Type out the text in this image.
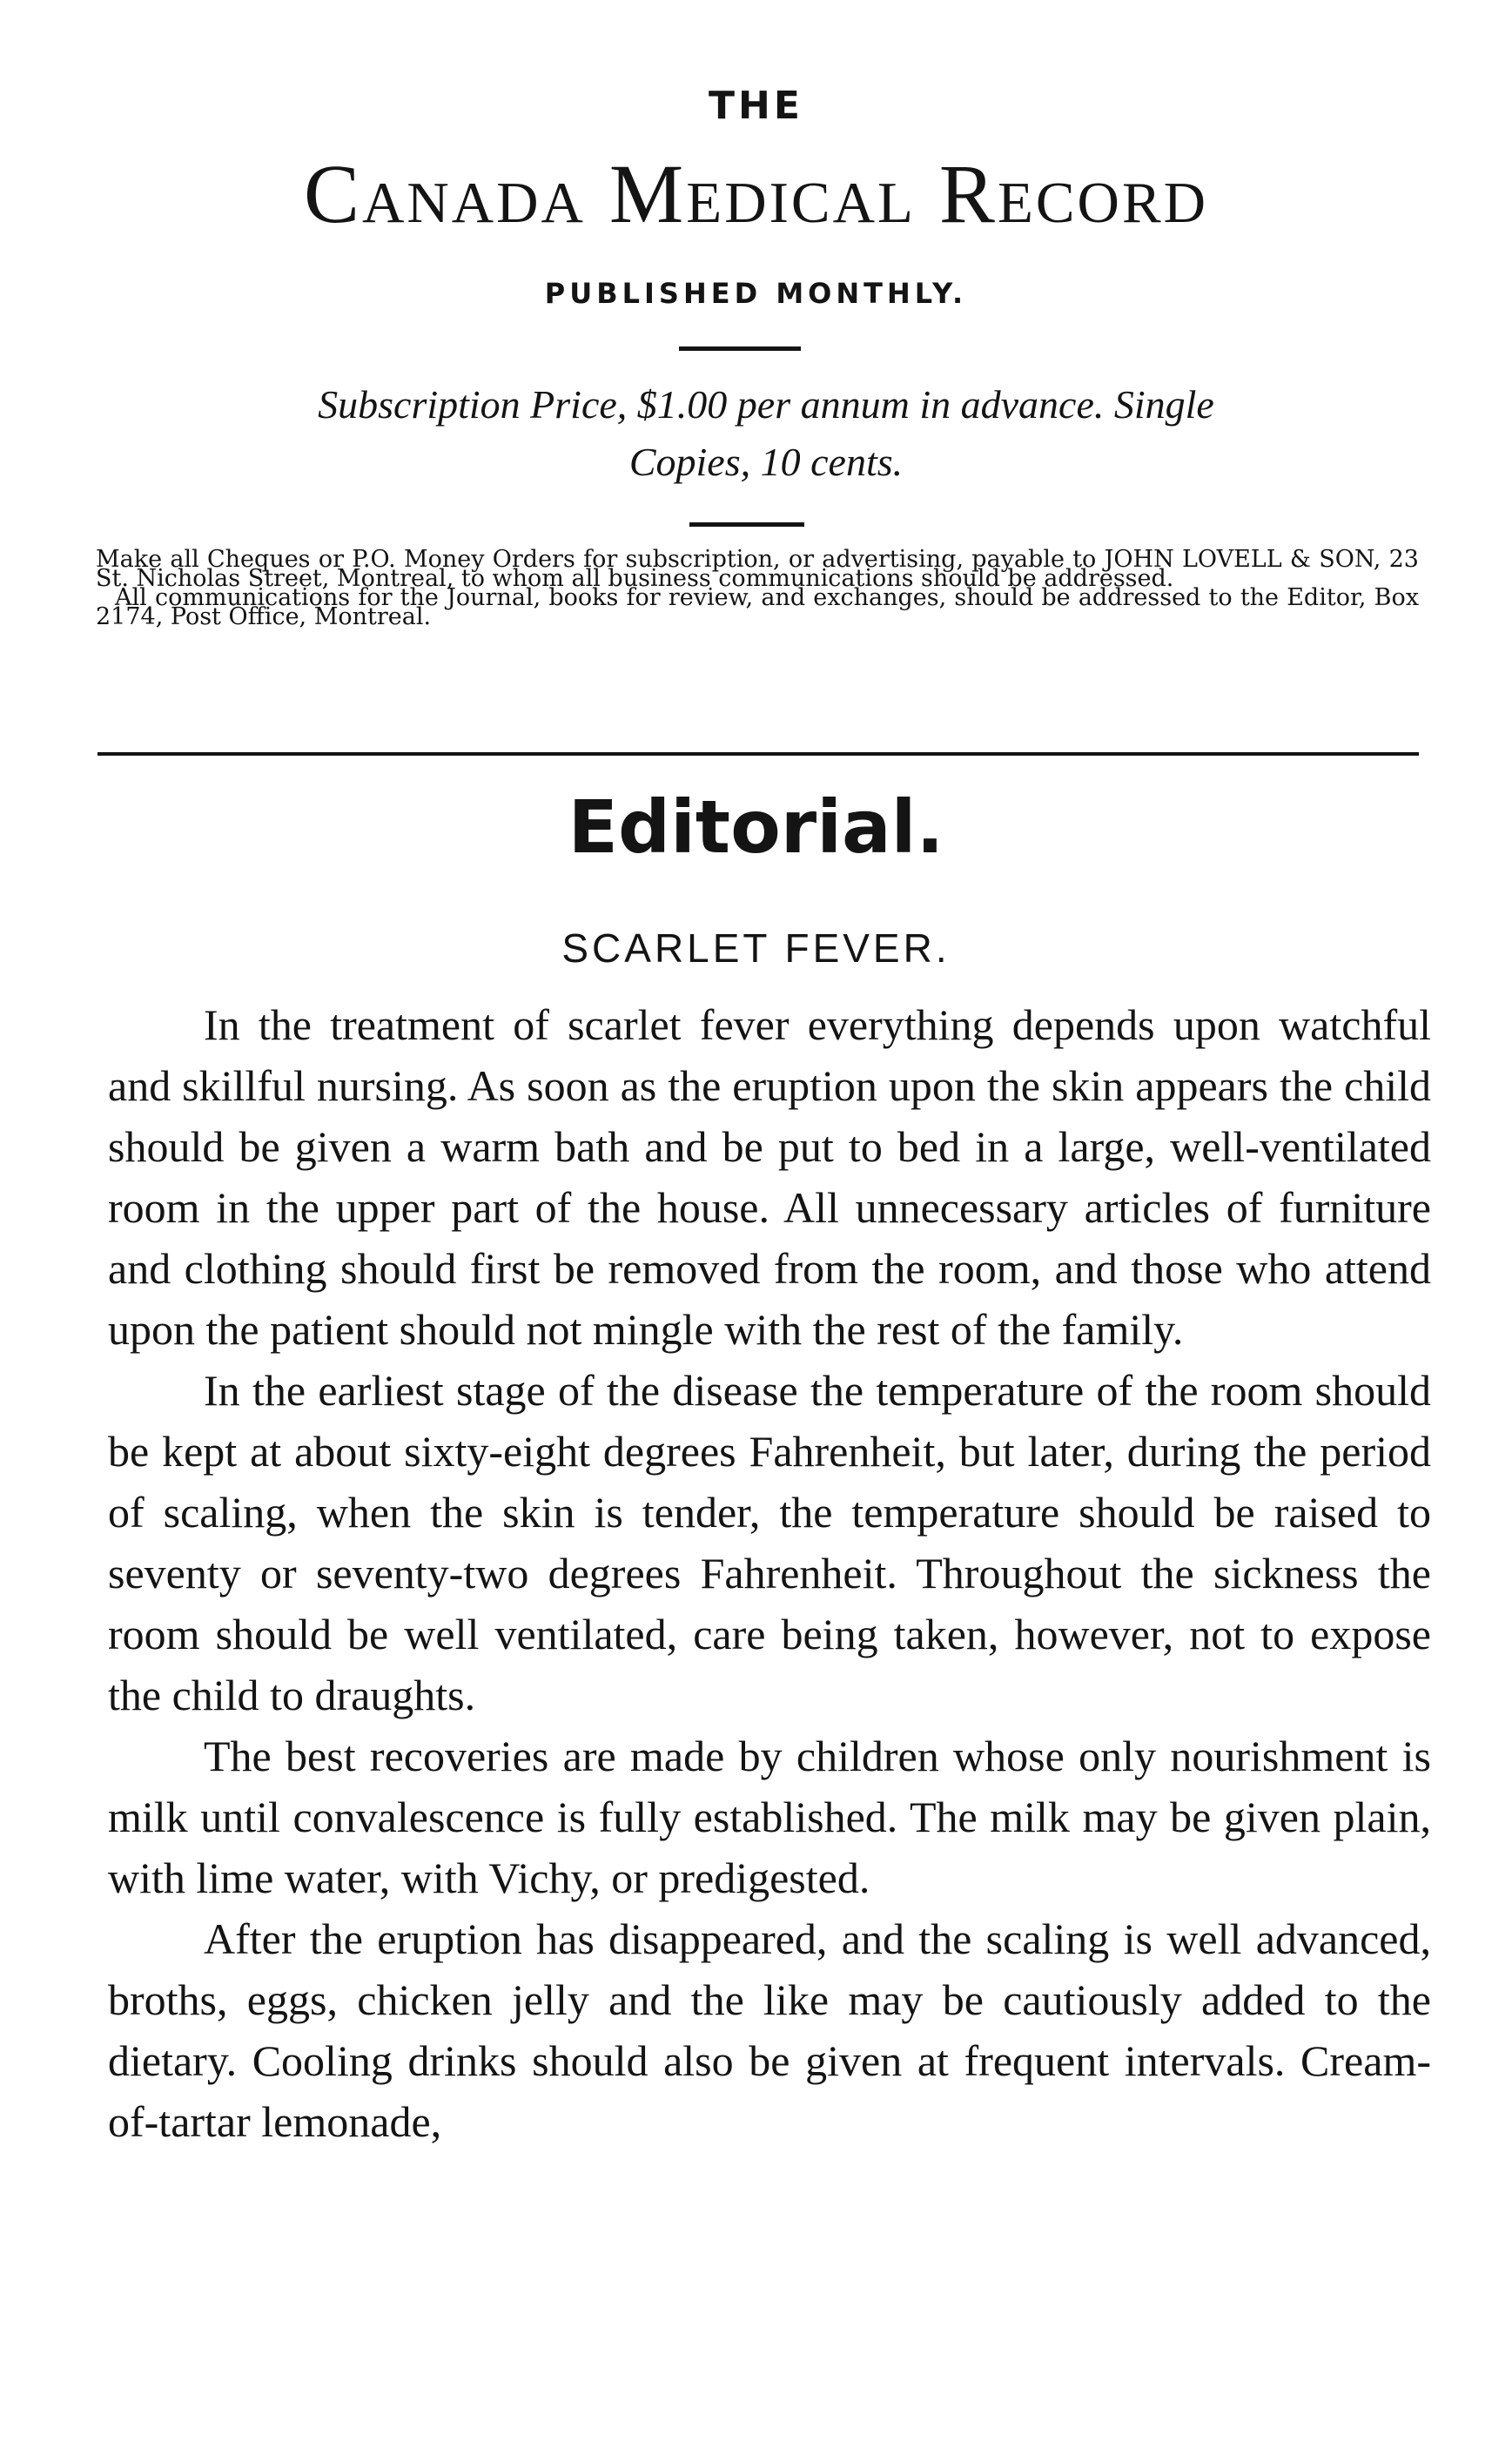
THE
Canada Medical Record
PUBLISHED MONTHLY.
Subscription Price, $1.00 per annum in advance. Single
Copies, 10 cents.

Make all Cheques or P.O. Money Orders for subscription, or advertising, payable to JOHN LOVELL & SON, 23 St. Nicholas Street, Montreal, to whom all business communications should be addressed.

All communications for the Journal, books for review, and exchanges, should be addressed to the Editor, Box 2174, Post Office, Montreal.

Editorial.
SCARLET FEVER.

In the treatment of scarlet fever everything depends upon watchful and skillful nursing. As soon as the eruption upon the skin appears the child should be given a warm bath and be put to bed in a large, well-ventilated room in the upper part of the house. All unnecessary articles of furniture and clothing should first be removed from the room, and those who attend upon the patient should not mingle with the rest of the family.

In the earliest stage of the disease the temperature of the room should be kept at about sixty-eight degrees Fahrenheit, but later, during the period of scaling, when the skin is tender, the temperature should be raised to seventy or seventy-two degrees Fahrenheit. Throughout the sickness the room should be well ventilated, care being taken, however, not to expose the child to draughts.

The best recoveries are made by children whose only nourishment is milk until convalescence is fully established. The milk may be given plain, with lime water, with Vichy, or predigested.

After the eruption has disappeared, and the scaling is well advanced, broths, eggs, chicken jelly and the like may be cautiously added to the dietary. Cooling drinks should also be given at frequent intervals. Cream-of-tartar lemonade,
